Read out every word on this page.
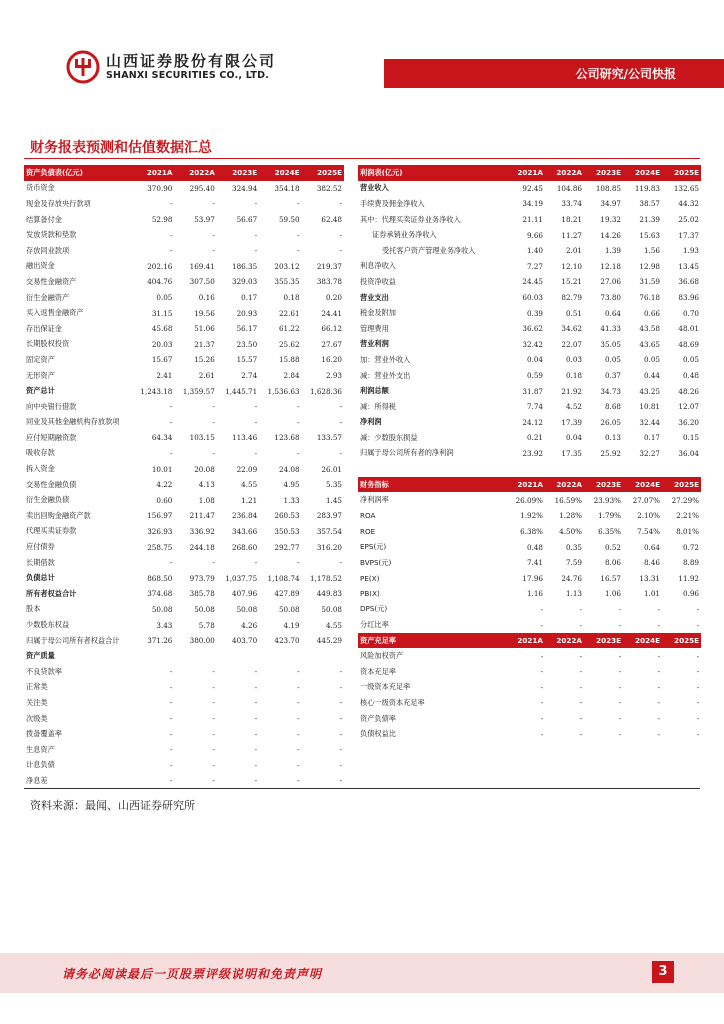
山西证券股份有限公司
SHANXI SECURITIES CO., LTD.	公司研究/公司快报
财务报表预测和估值数据汇总
资产负债表(亿元)	2021A	2022A	2023E	2024E	2025E
货币资金	370.90	295.40	324.94	354.18	382.52
现金及存放央行款项	-	-	-	-	-
结算备付金	52.98	53.97	56.67	59.50	62.48
发放贷款和垫款	-	-	-	-	-
存放同业款项	-	-	-	-	-
融出资金	202.16	169.41	186.35	203.12	219.37
交易性金融资产	404.76	307.50	329.03	355.35	383.78
衍生金融资产	0.05	0.16	0.17	0.18	0.20
买入返售金融资产	31.15	19.56	20.93	22.61	24.41
存出保证金	45.68	51.06	56.17	61.22	66.12
长期股权投资	20.03	21.37	23.50	25.62	27.67
固定资产	15.67	15.26	15.57	15.88	16.20
无形资产	2.41	2.61	2.74	2.84	2.93
资产总计	1,243.18	1,359.57	1,445.71	1,536.63	1,628.36
向中央银行借款	-	-	-	-	-
同业及其他金融机构存放款项	-	-	-	-	-
应付短期融资款	64.34	103.15	113.46	123.68	133.57
吸收存款	-	-	-	-	-
拆入资金	10.01	20.08	22.09	24.08	26.01
交易性金融负债	4.22	4.13	4.55	4.95	5.35
衍生金融负债	0.60	1.08	1.21	1.33	1.45
卖出回购金融资产款	156.97	211.47	236.84	260.53	283.97
代理买卖证券款	326.93	336.92	343.66	350.53	357.54
应付债券	258.75	244.18	268.60	292.77	316.20
长期借款	-	-	-	-	-
负债总计	868.50	973.79	1,037.75	1,108.74	1,178.52
所有者权益合计	374.68	385.78	407.96	427.89	449.83
股本	50.08	50.08	50.08	50.08	50.08
少数股东权益	3.43	5.78	4.26	4.19	4.55
归属于母公司所有者权益合计	371.26	380.00	403.70	423.70	445.29
资产质量					
不良贷款率	-	-	-	-	-
正常类	-	-	-	-	-
关注类	-	-	-	-	-
次级类	-	-	-	-	-
拨备覆盖率	-	-	-	-	-
生息资产	-	-	-	-	-
计息负债	-	-	-	-	-
净息差	-	-	-	-	-
利润表(亿元)	2021A	2022A	2023E	2024E	2025E
营业收入	92.45	104.86	108.85	119.83	132.65
手续费及佣金净收入	34.19	33.74	34.97	38.57	44.32
其中：代理买卖证券业务净收入	21.11	18.21	19.32	21.39	25.02
证券承销业务净收入	9.66	11.27	14.26	15.63	17.37
受托客户资产管理业务净收入	1.40	2.01	1.39	1.56	1.93
利息净收入	7.27	12.10	12.18	12.98	13.45
投资净收益	24.45	15.21	27.06	31.59	36.68
营业支出	60.03	82.79	73.80	76.18	83.96
税金及附加	0.39	0.51	0.64	0.66	0.70
管理费用	36.62	34.62	41.33	43.58	48.01
营业利润	32.42	22.07	35.05	43.65	48.69
加：营业外收入	0.04	0.03	0.05	0.05	0.05
减：营业外支出	0.59	0.18	0.37	0.44	0.48
利润总额	31.87	21.92	34.73	43.25	48.26
减：所得税	7.74	4.52	8.68	10.81	12.07
净利润	24.12	17.39	26.05	32.44	36.20
减：少数股东损益	0.21	0.04	0.13	0.17	0.15
归属于母公司所有者的净利润	23.92	17.35	25.92	32.27	36.04
财务指标	2021A	2022A	2023E	2024E	2025E
净利润率	26.09%	16.59%	23.93%	27.07%	27.29%
ROA	1.92%	1.28%	1.79%	2.10%	2.21%
ROE	6.38%	4.50%	6.35%	7.54%	8.01%
EPS(元)	0.48	0.35	0.52	0.64	0.72
BVPS(元)	7.41	7.59	8.06	8.46	8.89
PE(X)	17.96	24.76	16.57	13.31	11.92
PB(X)	1.16	1.13	1.06	1.01	0.96
DPS(元)	-	-	-	-	-
分红比率	-	-	-	-	-
资产充足率	2021A	2022A	2023E	2024E	2025E
风险加权资产	-	-	-	-	-
资本充足率	-	-	-	-	-
一级资本充足率	-	-	-	-	-
核心一级资本充足率	-	-	-	-	-
资产负债率	-	-	-	-	-
负债权益比	-	-	-	-	-
资料来源：最闻、山西证券研究所
请务必阅读最后一页股票评级说明和免责声明	3
